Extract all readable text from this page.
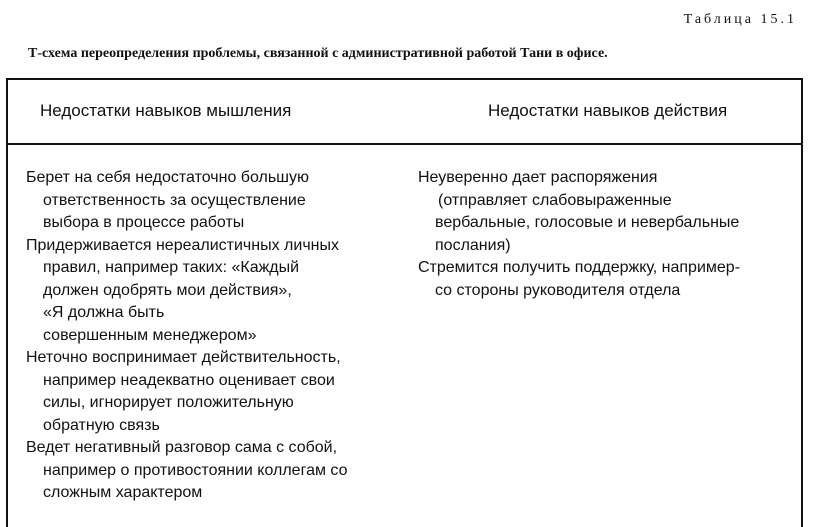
Таблица 15.1
Т-схема переопределения проблемы, связанной с административной работой Тани в офисе.
Недостатки навыков мышления	Недостатки навыков действия
Берет на себя недостаточно большую
ответственность за осуществление
выбора в процессе работы
Придерживается нереалистичных личных
правил, например таких: «Каждый
должен одобрять мои действия»,
«Я должна быть
совершенным менеджером»
Неточно воспринимает действительность,
например неадекватно оценивает свои
силы, игнорирует положительную
обратную связь
Ведет негативный разговор сама с собой,
например о противостоянии коллегам со
сложным характером
Неуверенно дает распоряжения
(отправляет слабовыраженные
вербальные, голосовые и невербальные
послания)
Стремится получить поддержку, например-
со стороны руководителя отдела
